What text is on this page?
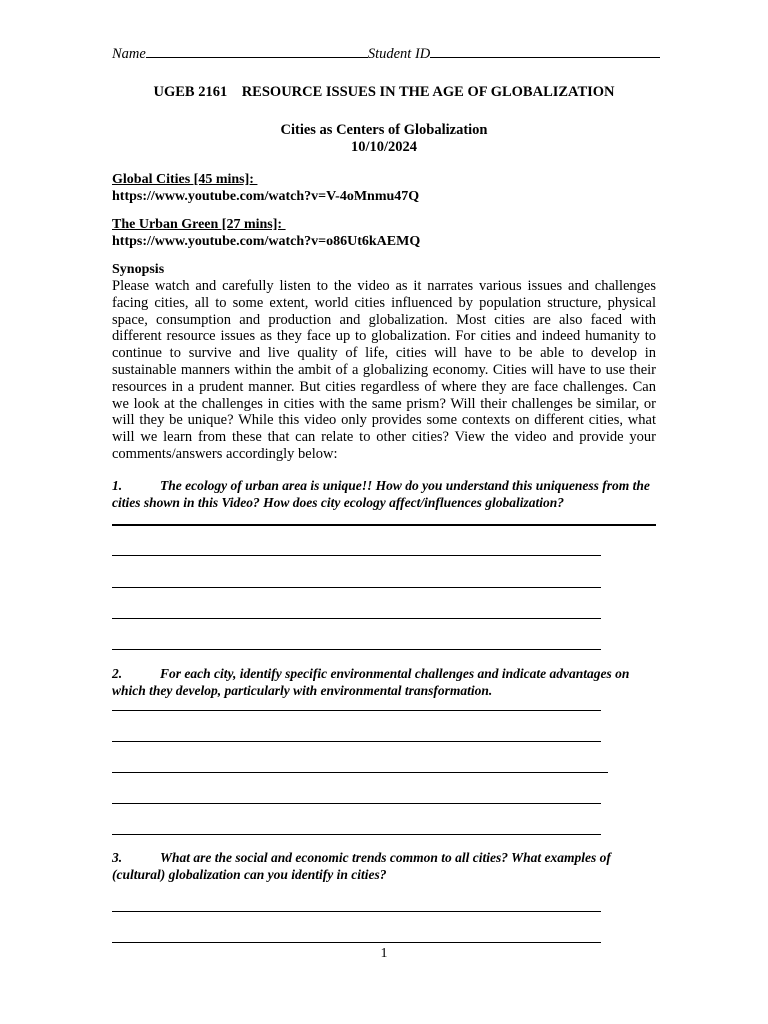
Name	Student ID
UGEB 2161 RESOURCE ISSUES IN THE AGE OF GLOBALIZATION
Cities as Centers of Globalization
10/10/2024
Global Cities [45 mins]:
https://www.youtube.com/watch?v=V-4oMnmu47Q
The Urban Green [27 mins]:
https://www.youtube.com/watch?v=o86Ut6kAEMQ
Synopsis
Please watch and carefully listen to the video as it narrates various issues and challenges facing cities, all to some extent, world cities influenced by population structure, physical space, consumption and production and globalization. Most cities are also faced with different resource issues as they face up to globalization. For cities and indeed humanity to continue to survive and live quality of life, cities will have to be able to develop in sustainable manners within the ambit of a globalizing economy. Cities will have to use their resources in a prudent manner. But cities regardless of where they are face challenges. Can we look at the challenges in cities with the same prism? Will their challenges be similar, or will they be unique? While this video only provides some contexts on different cities, what will we learn from these that can relate to other cities? View the video and provide your comments/answers accordingly below:
1.	The ecology of urban area is unique!! How do you understand this uniqueness from the cities shown in this Video? How does city ecology affect/influences globalization?
2.	For each city, identify specific environmental challenges and indicate advantages on which they develop, particularly with environmental transformation.
3.	What are the social and economic trends common to all cities? What examples of (cultural) globalization can you identify in cities?
1
